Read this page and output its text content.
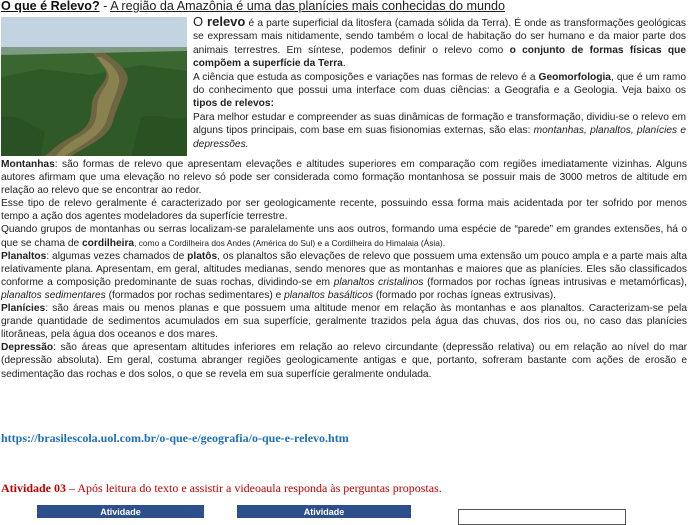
O que é Relevo? - A região da Amazônia é uma das planícies mais conhecidas do mundo

O relevo é a parte superficial da litosfera (camada sólida da Terra). É onde as transformações geológicas se expressam mais nitidamente, sendo também o local de habitação do ser humano e da maior parte dos animais terrestres. Em síntese, podemos definir o relevo como o conjunto de formas físicas que compõem a superfície da Terra.

A ciência que estuda as composições e variações nas formas de relevo é a Geomorfologia, que é um ramo do conhecimento que possui uma interface com duas ciências: a Geografia e a Geologia. Veja baixo os tipos de relevos:

Para melhor estudar e compreender as suas dinâmicas de formação e transformação, dividiu-se o relevo em alguns tipos principais, com base em suas fisionomias externas, são elas: montanhas, planaltos, planícies e depressões.

Montanhas: são formas de relevo que apresentam elevações e altitudes superiores em comparação com regiões imediatamente vizinhas. Alguns autores afirmam que uma elevação no relevo só pode ser considerada como formação montanhosa se possuir mais de 3000 metros de altitude em relação ao relevo que se encontrar ao redor.

Esse tipo de relevo geralmente é caracterizado por ser geologicamente recente, possuindo essa forma mais acidentada por ter sofrido por menos tempo a ação dos agentes modeladores da superfície terrestre.

Quando grupos de montanhas ou serras localizam-se paralelamente uns aos outros, formando uma espécie de “parede” em grandes extensões, há o que se chama de cordilheira, como a Cordilheira dos Andes (América do Sul) e a Cordilheira do Himalaia (Ásia).

Planaltos: algumas vezes chamados de platôs, os planaltos são elevações de relevo que possuem uma extensão um pouco ampla e a parte mais alta relativamente plana. Apresentam, em geral, altitudes medianas, sendo menores que as montanhas e maiores que as planícies. Eles são classificados conforme a composição predominante de suas rochas, dividindo-se em planaltos cristalinos (formados por rochas ígneas intrusivas e metamórficas), planaltos sedimentares (formados por rochas sedimentares) e planaltos basálticos (formado por rochas ígneas extrusivas).

Planícies: são áreas mais ou menos planas e que possuem uma altitude menor em relação às montanhas e aos planaltos. Caracterizam-se pela grande quantidade de sedimentos acumulados em sua superfície, geralmente trazidos pela água das chuvas, dos rios ou, no caso das planícies litorâneas, pela água dos oceanos e dos mares.

Depressão: são áreas que apresentam altitudes inferiores em relação ao relevo circundante (depressão relativa) ou em relação ao nível do mar (depressão absoluta). Em geral, costuma abranger regiões geologicamente antigas e que, portanto, sofreram bastante com ações de erosão e sedimentação das rochas e dos solos, o que se revela em sua superfície geralmente ondulada.

https://brasilescola.uol.com.br/o-que-e/geografia/o-que-e-relevo.htm
Atividade 03 – Após leitura do texto e assistir a videoaula responda às perguntas propostas.
Atividade	Atividade
